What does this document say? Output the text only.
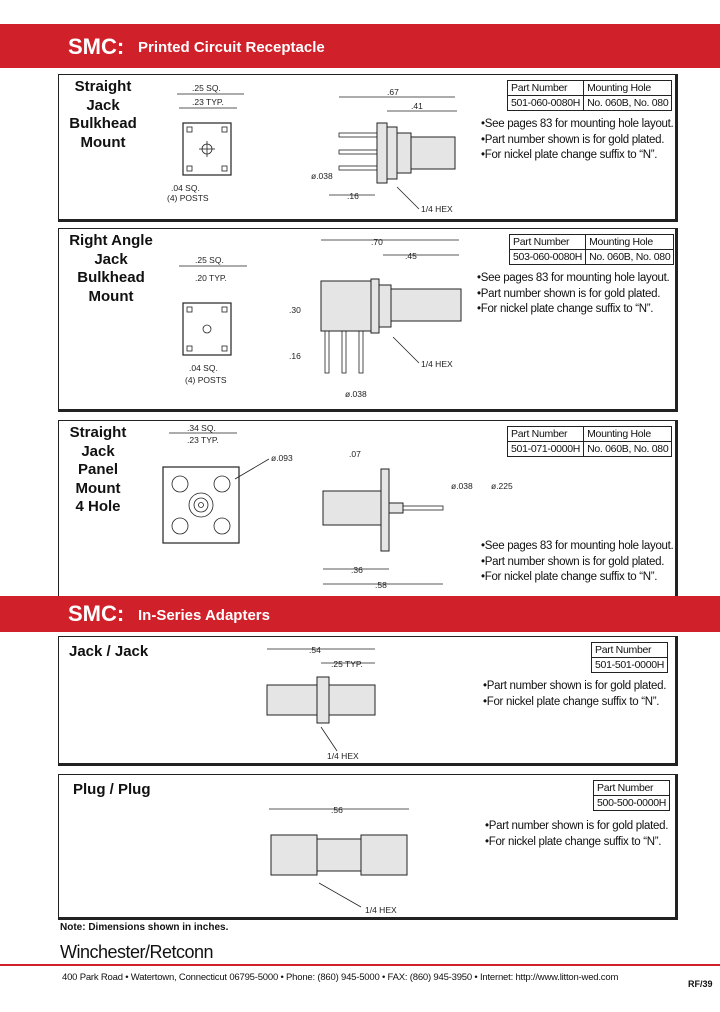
SMC: Printed Circuit Receptacle
Straight
Jack
Bulkhead
Mount
Part Number	Mounting Hole
501-060-0080H	No. 060B, No. 080
• See pages 83 for mounting hole layout.
• Part number shown is for gold plated.
• For nickel plate change suffix to “N”.
.25 SQ.
.23 TYP.
.04 SQ.
(4) POSTS
.67
.41
ø.038
.16
1/4 HEX
Right Angle
Jack
Bulkhead
Mount
Part Number	Mounting Hole
503-060-0080H	No. 060B, No. 080
• See pages 83 for mounting hole layout.
• Part number shown is for gold plated.
• For nickel plate change suffix to “N”.
.25 SQ.
.20 TYP.
.04 SQ.
(4) POSTS
.70
.45
.30
.16
ø.038
1/4 HEX
Straight
Jack
Panel
Mount
4 Hole
Part Number	Mounting Hole
501-071-0000H	No. 060B, No. 080
• See pages 83 for mounting hole layout.
• Part number shown is for gold plated.
• For nickel plate change suffix to “N”.
.34 SQ.
.23 TYP.
ø.093	.07
ø.038 ø.225
.36
.58
SMC: In-Series Adapters
Jack / Jack	Part Number
501-501-0000H
• Part number shown is for gold plated.
• For nickel plate change suffix to “N”.
.54
.25 TYP.
1/4 HEX
Plug / Plug	Part Number
500-500-0000H
• Part number shown is for gold plated.
• For nickel plate change suffix to “N”.
.56
1/4 HEX
Note: Dimensions shown in inches.
Winchester/Retconn
400 Park Road • Watertown, Connecticut 06795-5000 • Phone: (860) 945-5000 • FAX: (860) 945-3950 • Internet: http://www.litton-wed.com
RF/39
